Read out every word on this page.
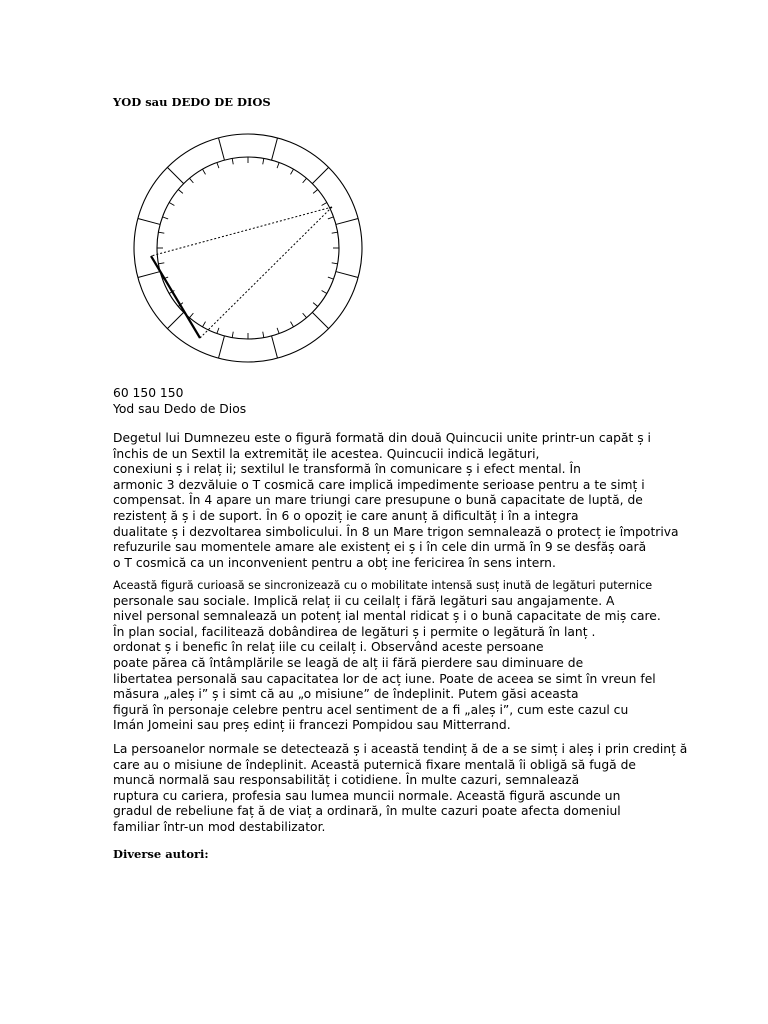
YOD sau DEDO DE DIOS
60 150 150
Yod sau Dedo de Dios
Degetul lui Dumnezeu este o figură formată din două Quincucii unite printr-un capăt ș i
închis de un Sextil la extremităț ile acestea. Quincucii indică legături,
conexiuni ș i relaț ii; sextilul le transformă în comunicare ș i efect mental. În
armonic 3 dezvăluie o T cosmică care implică impedimente serioase pentru a te simț i
compensat. În 4 apare un mare triungi care presupune o bună capacitate de luptă, de
rezistenț ă ș i de suport. În 6 o opoziț ie care anunț ă dificultăț i în a integra
dualitate ș i dezvoltarea simbolicului. În 8 un Mare trigon semnalează o protecț ie împotriva
refuzurile sau momentele amare ale existenț ei ș i în cele din urmă în 9 se desfăș oară
o T cosmică ca un inconvenient pentru a obț ine fericirea în sens intern.
Această figură curioasă se sincronizează cu o mobilitate intensă susț inută de legături puternice
personale sau sociale. Implică relaț ii cu ceilalț i fără legături sau angajamente. A
nivel personal semnalează un potenț ial mental ridicat ș i o bună capacitate de miș care.
În plan social, facilitează dobândirea de legături ș i permite o legătură în lanț .
ordonat ș i benefic în relaț iile cu ceilalț i. Observând aceste persoane
poate părea că întâmplările se leagă de alț ii fără pierdere sau diminuare de
libertatea personală sau capacitatea lor de acț iune. Poate de aceea se simt în vreun fel
măsura „aleș i” ș i simt că au „o misiune” de îndeplinit. Putem găsi aceasta
figură în personaje celebre pentru acel sentiment de a fi „aleș i”, cum este cazul cu
Imán Jomeini sau preș edinț ii francezi Pompidou sau Mitterrand.
La persoanelor normale se detectează ș i această tendinț ă de a se simț i aleș i prin credinț ă
care au o misiune de îndeplinit. Această puternică fixare mentală îi obligă să fugă de
muncă normală sau responsabilităț i cotidiene. În multe cazuri, semnalează
ruptura cu cariera, profesia sau lumea muncii normale. Această figură ascunde un
gradul de rebeliune faț ă de viaț a ordinară, în multe cazuri poate afecta domeniul
familiar într-un mod destabilizator.
Diverse autori:
